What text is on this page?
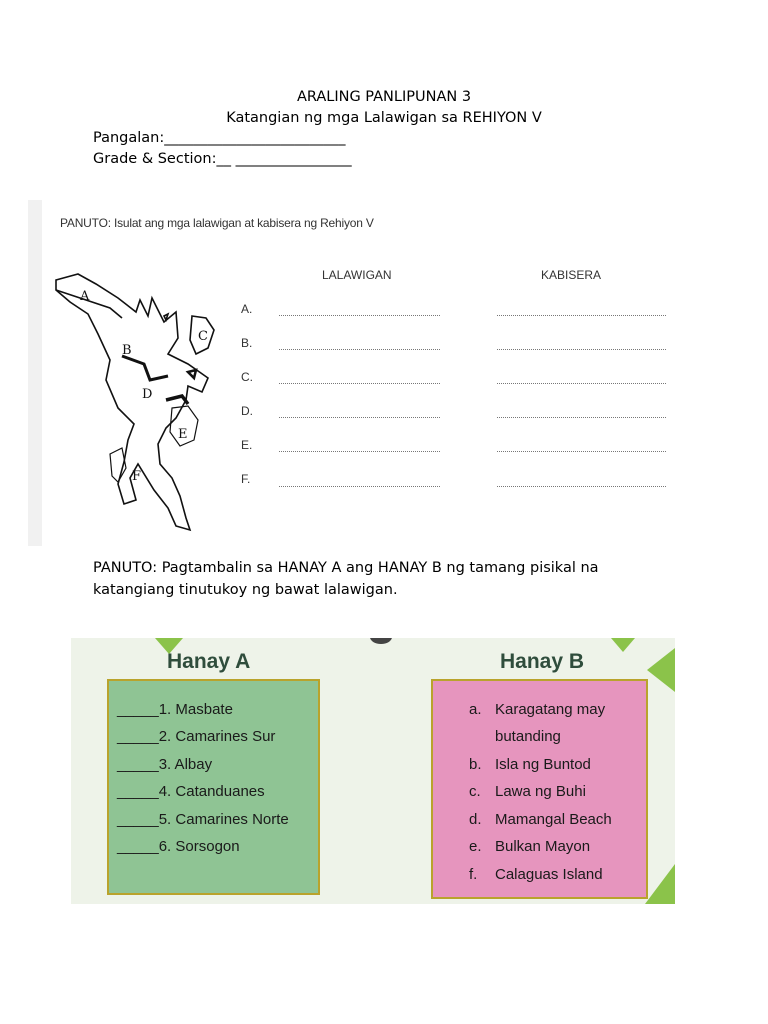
ARALING PANLIPUNAN 3
Katangian ng mga Lalawigan sa REHIYON V
Pangalan:_________________________
Grade & Section:__ ________________
PANUTO: Isulat ang mga lalawigan at kabisera ng Rehiyon V
LALAWIGAN	KABISERA
A.
B.
C.
D.
E.
F.
A
B
C
D
E
F
PANUTO: Pagtambalin sa HANAY A ang HANAY B ng tamang pisikal na katangiang tinutukoy ng bawat lalawigan.
Hanay A	Hanay B
_____1. Masbate
_____2. Camarines Sur
_____3. Albay
_____4. Catanduanes
_____5. Camarines Norte
_____6. Sorsogon
a. Karagatang may
butanding
b. Isla ng Buntod
c. Lawa ng Buhi
d. Mamangal Beach
e. Bulkan Mayon
f. Calaguas Island
